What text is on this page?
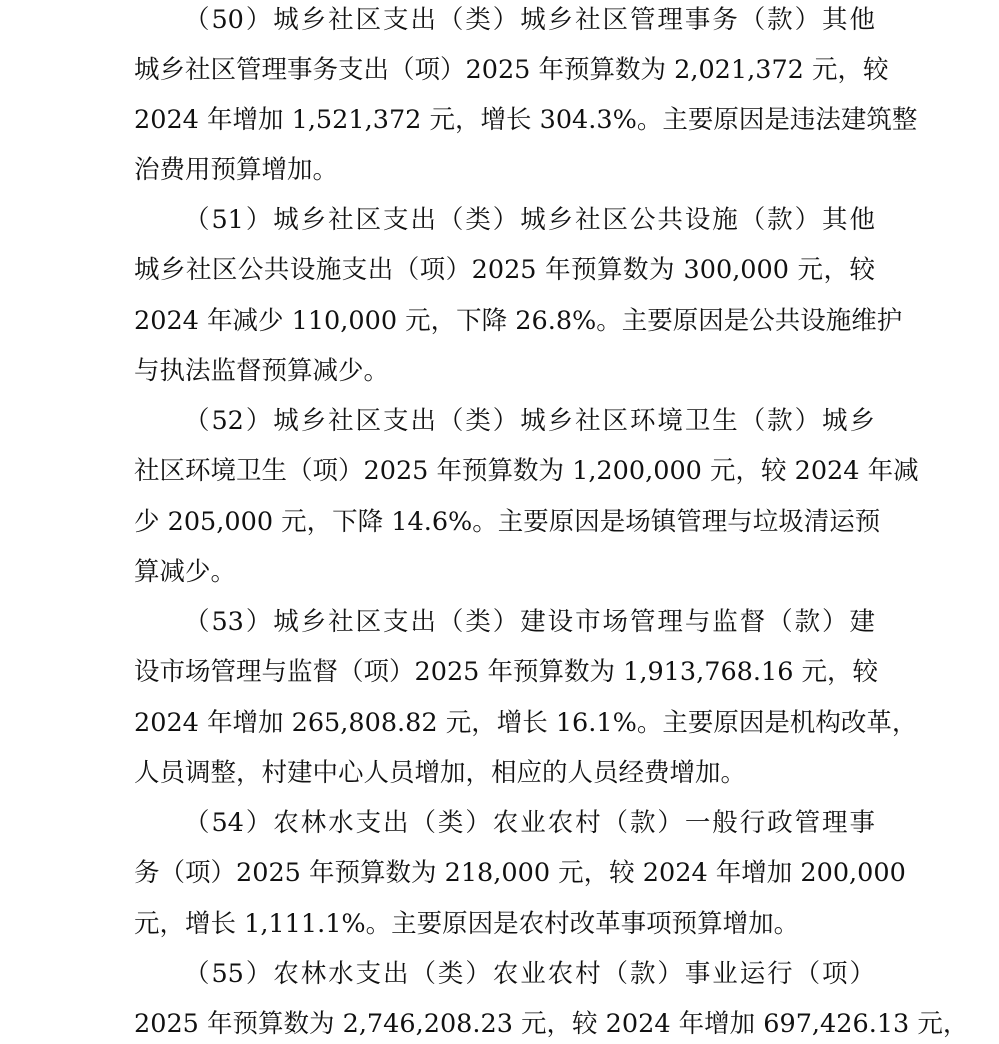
（50）城乡社区支出（类）城乡社区管理事务（款）其他
城乡社区管理事务支出（项）2025 年预算数为 2,021,372 元，较
2024 年增加 1,521,372 元，增长 304.3%。主要原因是违法建筑整
治费用预算增加。
（51）城乡社区支出（类）城乡社区公共设施（款）其他
城乡社区公共设施支出（项）2025 年预算数为 300,000 元，较
2024 年减少 110,000 元，下降 26.8%。主要原因是公共设施维护
与执法监督预算减少。
（52）城乡社区支出（类）城乡社区环境卫生（款）城乡
社区环境卫生（项）2025 年预算数为 1,200,000 元，较 2024 年减
少 205,000 元，下降 14.6%。主要原因是场镇管理与垃圾清运预
算减少。
（53）城乡社区支出（类）建设市场管理与监督（款）建
设市场管理与监督（项）2025 年预算数为 1,913,768.16 元，较
2024 年增加 265,808.82 元，增长 16.1%。主要原因是机构改革，
人员调整，村建中心人员增加，相应的人员经费增加。
（54）农林水支出（类）农业农村（款）一般行政管理事
务（项）2025 年预算数为 218,000 元，较 2024 年增加 200,000
元，增长 1,111.1%。主要原因是农村改革事项预算增加。
（55）农林水支出（类）农业农村（款）事业运行（项）
2025 年预算数为 2,746,208.23 元，较 2024 年增加 697,426.13 元，
